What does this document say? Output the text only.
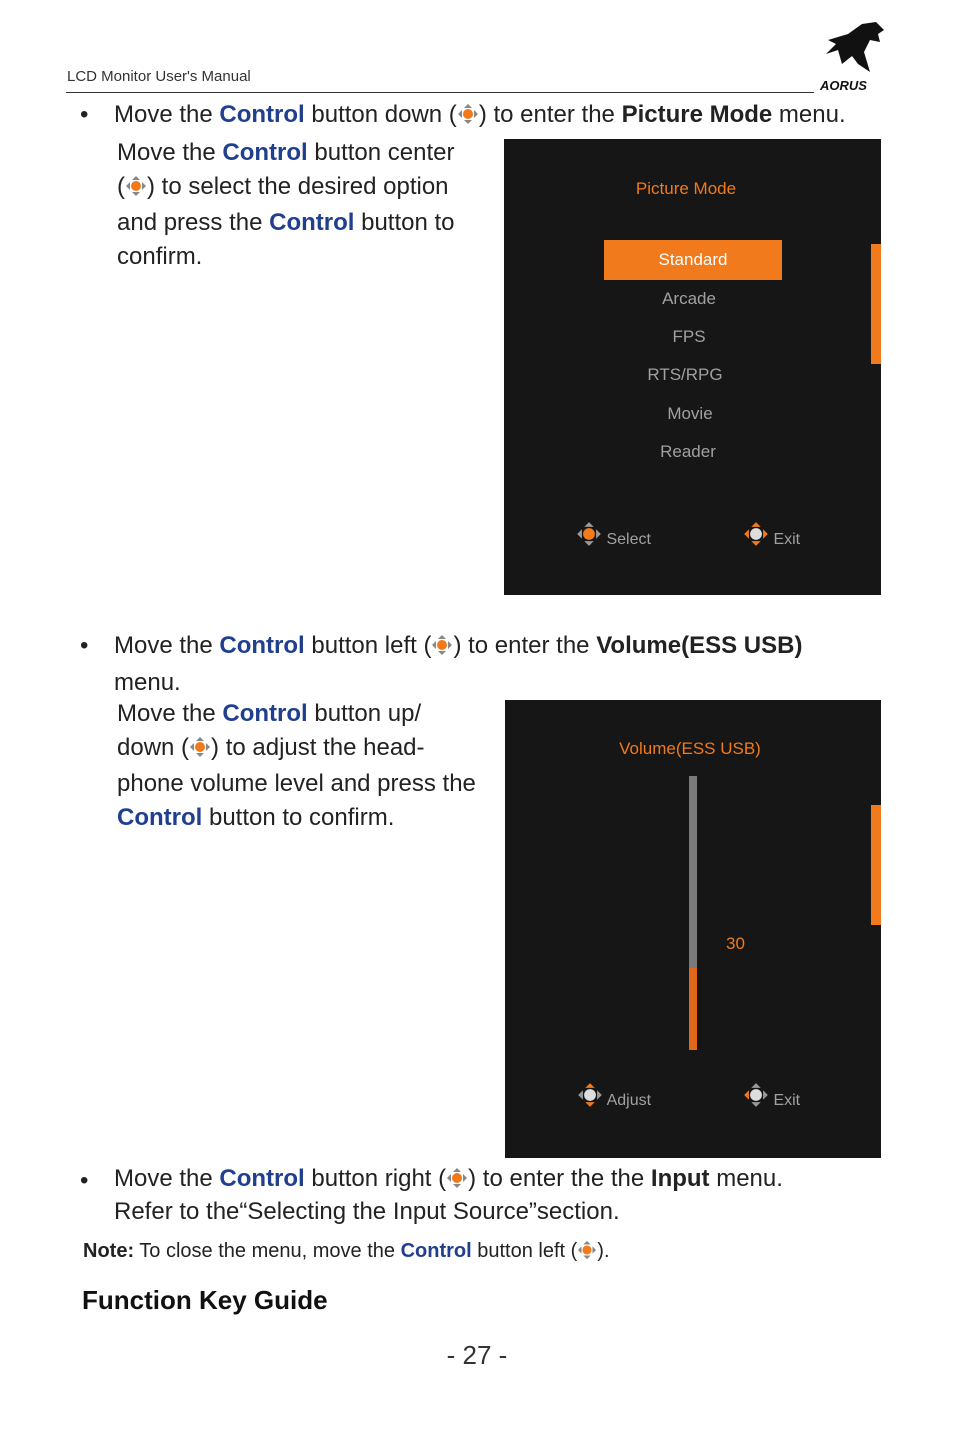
LCD Monitor User's Manual
AORUS
• Move the Control button down ( ) to enter the Picture Mode menu.
Move the Control button center
( ) to select the desired option
and press the Control button to
confirm.
Picture Mode
Standard
Arcade
FPS
RTS/RPG
Movie
Reader
Select	Exit
• Move the Control button left ( ) to enter the Volume(ESS USB)
menu.
Move the Control button up/
down ( ) to adjust the head-
phone volume level and press the
Control button to confirm.
Volume(ESS USB)
30
Adjust	Exit
• Move the Control button right ( ) to enter the the Input menu.
Refer to the“Selecting the Input Source”section.
Note: To close the menu, move the Control button left ( ).
Function Key Guide
- 27 -
